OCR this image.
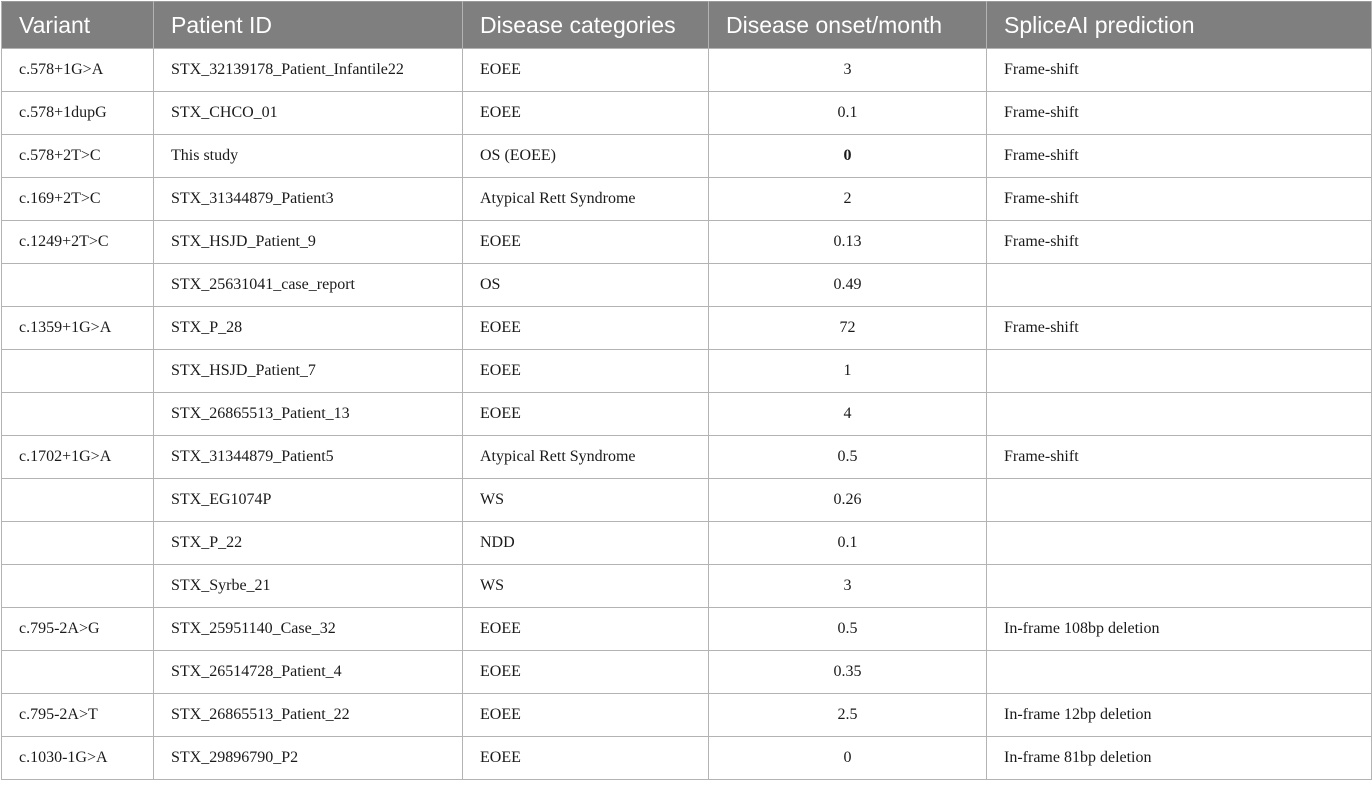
Variant	Patient ID	Disease categories	Disease onset/month	SpliceAI prediction
c.578+1G>A	STX_32139178_Patient_Infantile22	EOEE	3	Frame-shift
c.578+1dupG	STX_CHCO_01	EOEE	0.1	Frame-shift
c.578+2T>C	This study	OS (EOEE)	0	Frame-shift
c.169+2T>C	STX_31344879_Patient3	Atypical Rett Syndrome	2	Frame-shift
c.1249+2T>C	STX_HSJD_Patient_9	EOEE	0.13	Frame-shift
	STX_25631041_case_report	OS	0.49	
c.1359+1G>A	STX_P_28	EOEE	72	Frame-shift
	STX_HSJD_Patient_7	EOEE	1	
	STX_26865513_Patient_13	EOEE	4	
c.1702+1G>A	STX_31344879_Patient5	Atypical Rett Syndrome	0.5	Frame-shift
	STX_EG1074P	WS	0.26	
	STX_P_22	NDD	0.1	
	STX_Syrbe_21	WS	3	
c.795-2A>G	STX_25951140_Case_32	EOEE	0.5	In-frame 108bp deletion
	STX_26514728_Patient_4	EOEE	0.35	
c.795-2A>T	STX_26865513_Patient_22	EOEE	2.5	In-frame 12bp deletion
c.1030-1G>A	STX_29896790_P2	EOEE	0	In-frame 81bp deletion
